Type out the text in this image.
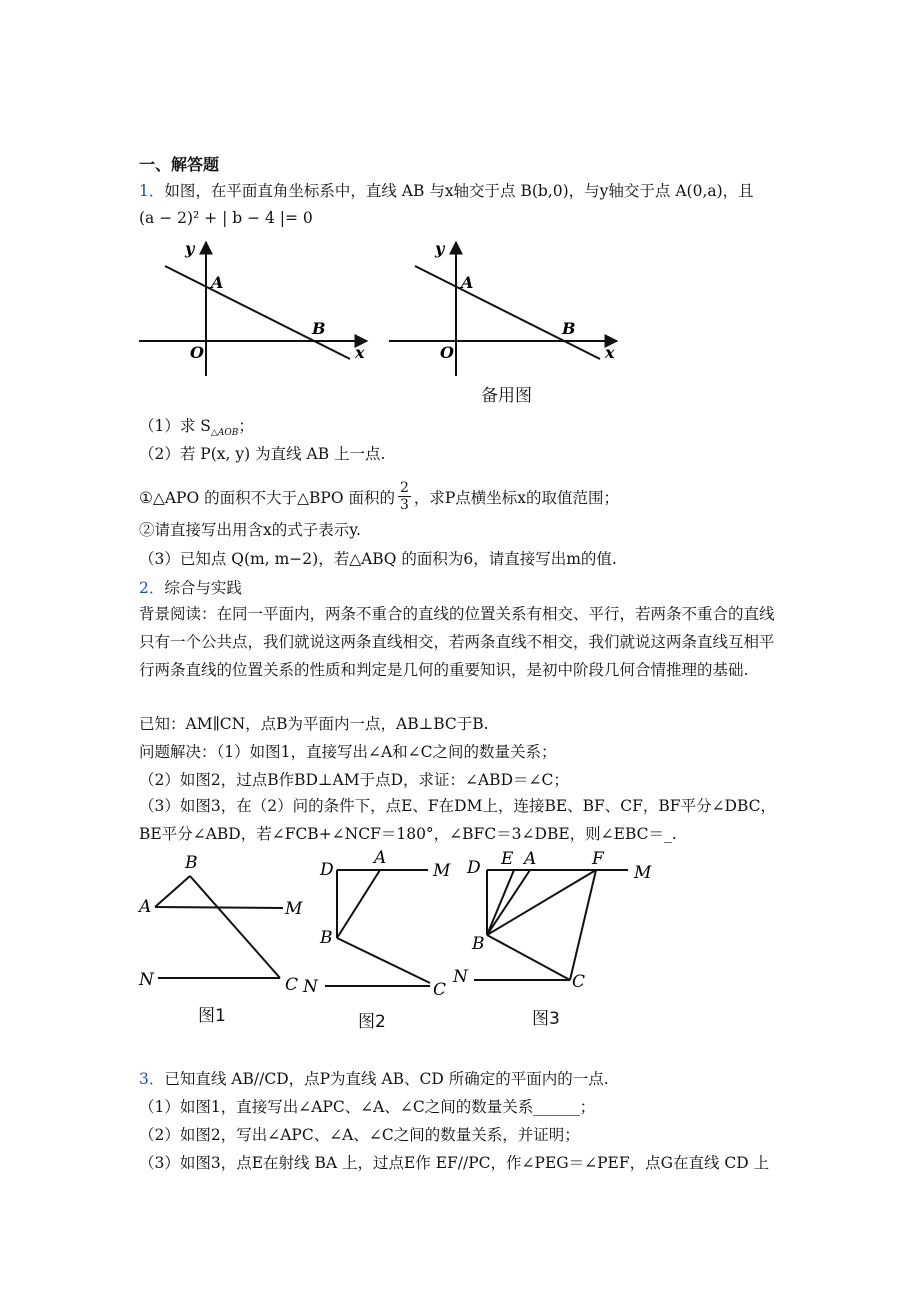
一、解答题
1．如图，在平面直角坐标系中，直线 AB 与x轴交于点 B(b,0)，与y轴交于点 A(0,a)，且
(a − 2)² + | b − 4 |= 0
y
x
O
A
B
y
x
O
A
B
备用图
（1）求 $S_{\triangle AOB}$；
（2）若 P(x, y) 为直线 AB 上一点.
①△APO 的面积不大于△BPO 面积的 $\frac{2}{3}$ ，求P点横坐标x的取值范围；
②请直接写出用含x的式子表示y.
（3）已知点 Q(m, m−2)，若△ABQ 的面积为6，请直接写出m的值.
2．综合与实践
背景阅读：在同一平面内，两条不重合的直线的位置关系有相交、平行，若两条不重合的直线只有一个公共点，我们就说这两条直线相交，若两条直线不相交，我们就说这两条直线互相平行两条直线的位置关系的性质和判定是几何的重要知识，是初中阶段几何合情推理的基础.
已知：AM∥CN，点B为平面内一点，AB⊥BC于B.
问题解决：（1）如图1，直接写出∠A和∠C之间的数量关系；
（2）如图2，过点B作BD⊥AM于点D，求证：∠ABD＝∠C；
（3）如图3，在（2）问的条件下，点E、F在DM上，连接BE、BF、CF，BF平分∠DBC，BE平分∠ABD，若∠FCB+∠NCF＝180°，∠BFC＝3∠DBE，则∠EBC＝_.
B
A	M
N	C
图1
D
A
M
B
N	C
图2
D E A	F
M
B
N	C
图3
3．已知直线 AB//CD，点P为直线 AB、CD 所确定的平面内的一点.
（1）如图1，直接写出∠APC、∠A、∠C之间的数量关系______；
（2）如图2，写出∠APC、∠A、∠C之间的数量关系，并证明；
（3）如图3，点E在射线 BA 上，过点E作 EF//PC，作∠PEG＝∠PEF，点G在直线 CD 上
